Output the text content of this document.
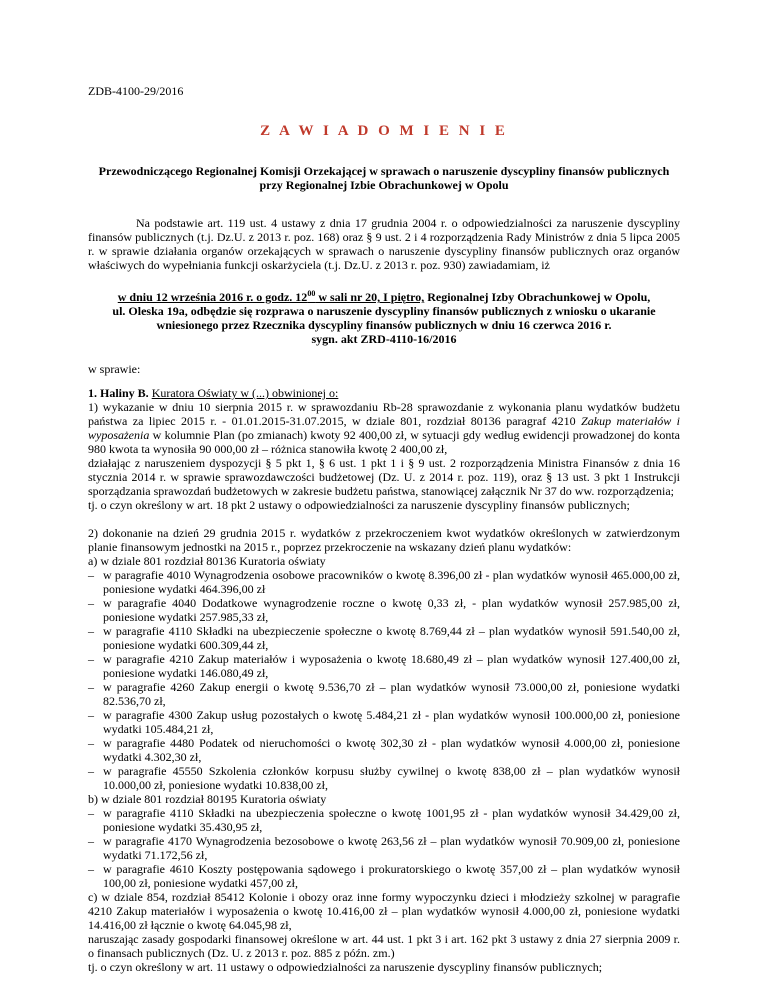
ZDB-4100-29/2016
Z A W I A D O M I E N I E
Przewodniczącego Regionalnej Komisji Orzekającej w sprawach o naruszenie dyscypliny finansów publicznych przy Regionalnej Izbie Obrachunkowej w Opolu

Na podstawie art. 119 ust. 4 ustawy z dnia 17 grudnia 2004 r. o odpowiedzialności za naruszenie dyscypliny finansów publicznych (t.j. Dz.U. z 2013 r. poz. 168) oraz § 9 ust. 2 i 4 rozporządzenia Rady Ministrów z dnia 5 lipca 2005 r. w sprawie działania organów orzekających w sprawach o naruszenie dyscypliny finansów publicznych oraz organów właściwych do wypełniania funkcji oskarżyciela (t.j. Dz.U. z 2013 r. poz. 930) zawiadamiam, iż

w dniu 12 września 2016 r. o godz. $12^{00}$ w sali nr 20, I piętro, Regionalnej Izby Obrachunkowej w Opolu,
ul. Oleska 19a, odbędzie się rozprawa o naruszenie dyscypliny finansów publicznych z wniosku o ukaranie wniesionego przez Rzecznika dyscypliny finansów publicznych w dniu 16 czerwca 2016 r.
sygn. akt ZRD-4110-16/2016
w sprawie:
1. Haliny B. Kuratora Oświaty w (...) obwinionej o:
1) wykazanie w dniu 10 sierpnia 2015 r. w sprawozdaniu Rb-28 sprawozdanie z wykonania planu wydatków budżetu państwa za lipiec 2015 r. - 01.01.2015-31.07.2015, w dziale 801, rozdział 80136 paragraf 4210 Zakup materiałów i wyposażenia w kolumnie Plan (po zmianach) kwoty 92 400,00 zł, w sytuacji gdy według ewidencji prowadzonej do konta 980 kwota ta wynosiła 90 000,00 zł – różnica stanowiła kwotę 2 400,00 zł,
działając z naruszeniem dyspozycji § 5 pkt 1, § 6 ust. 1 pkt 1 i § 9 ust. 2 rozporządzenia Ministra Finansów z dnia 16 stycznia 2014 r. w sprawie sprawozdawczości budżetowej (Dz. U. z 2014 r. poz. 119), oraz § 13 ust. 3 pkt 1 Instrukcji sporządzania sprawozdań budżetowych w zakresie budżetu państwa, stanowiącej załącznik Nr 37 do ww. rozporządzenia;
tj. o czyn określony w art. 18 pkt 2 ustawy o odpowiedzialności za naruszenie dyscypliny finansów publicznych;
2) dokonanie na dzień 29 grudnia 2015 r. wydatków z przekroczeniem kwot wydatków określonych w zatwierdzonym planie finansowym jednostki na 2015 r., poprzez przekroczenie na wskazany dzień planu wydatków:
a) w dziale 801 rozdział 80136 Kuratoria oświaty
– w paragrafie 4010 Wynagrodzenia osobowe pracowników o kwotę 8.396,00 zł - plan wydatków wynosił 465.000,00 zł, poniesione wydatki 464.396,00 zł
– w paragrafie 4040 Dodatkowe wynagrodzenie roczne o kwotę 0,33 zł, - plan wydatków wynosił 257.985,00 zł, poniesione wydatki 257.985,33 zł,
– w paragrafie 4110 Składki na ubezpieczenie społeczne o kwotę 8.769,44 zł – plan wydatków wynosił 591.540,00 zł, poniesione wydatki 600.309,44 zł,
– w paragrafie 4210 Zakup materiałów i wyposażenia o kwotę 18.680,49 zł – plan wydatków wynosił 127.400,00 zł, poniesione wydatki 146.080,49 zł,
– w paragrafie 4260 Zakup energii o kwotę 9.536,70 zł – plan wydatków wynosił 73.000,00 zł, poniesione wydatki 82.536,70 zł,
– w paragrafie 4300 Zakup usług pozostałych o kwotę 5.484,21 zł - plan wydatków wynosił 100.000,00 zł, poniesione wydatki 105.484,21 zł,
– w paragrafie 4480 Podatek od nieruchomości o kwotę 302,30 zł - plan wydatków wynosił 4.000,00 zł, poniesione wydatki 4.302,30 zł,
– w paragrafie 45550 Szkolenia członków korpusu służby cywilnej o kwotę 838,00 zł – plan wydatków wynosił 10.000,00 zł, poniesione wydatki 10.838,00 zł,
b) w dziale 801 rozdział 80195 Kuratoria oświaty
– w paragrafie 4110 Składki na ubezpieczenia społeczne o kwotę 1001,95 zł - plan wydatków wynosił 34.429,00 zł, poniesione wydatki 35.430,95 zł,
– w paragrafie 4170 Wynagrodzenia bezosobowe o kwotę 263,56 zł – plan wydatków wynosił 70.909,00 zł, poniesione wydatki 71.172,56 zł,
– w paragrafie 4610 Koszty postępowania sądowego i prokuratorskiego o kwotę 357,00 zł – plan wydatków wynosił 100,00 zł, poniesione wydatki 457,00 zł,
c) w dziale 854, rozdział 85412 Kolonie i obozy oraz inne formy wypoczynku dzieci i młodzieży szkolnej w paragrafie 4210 Zakup materiałów i wyposażenia o kwotę 10.416,00 zł – plan wydatków wynosił 4.000,00 zł, poniesione wydatki 14.416,00 zł łącznie o kwotę 64.045,98 zł,
naruszając zasady gospodarki finansowej określone w art. 44 ust. 1 pkt 3 i art. 162 pkt 3 ustawy z dnia 27 sierpnia 2009 r. o finansach publicznych (Dz. U. z 2013 r. poz. 885 z późn. zm.)
tj. o czyn określony w art. 11 ustawy o odpowiedzialności za naruszenie dyscypliny finansów publicznych;
